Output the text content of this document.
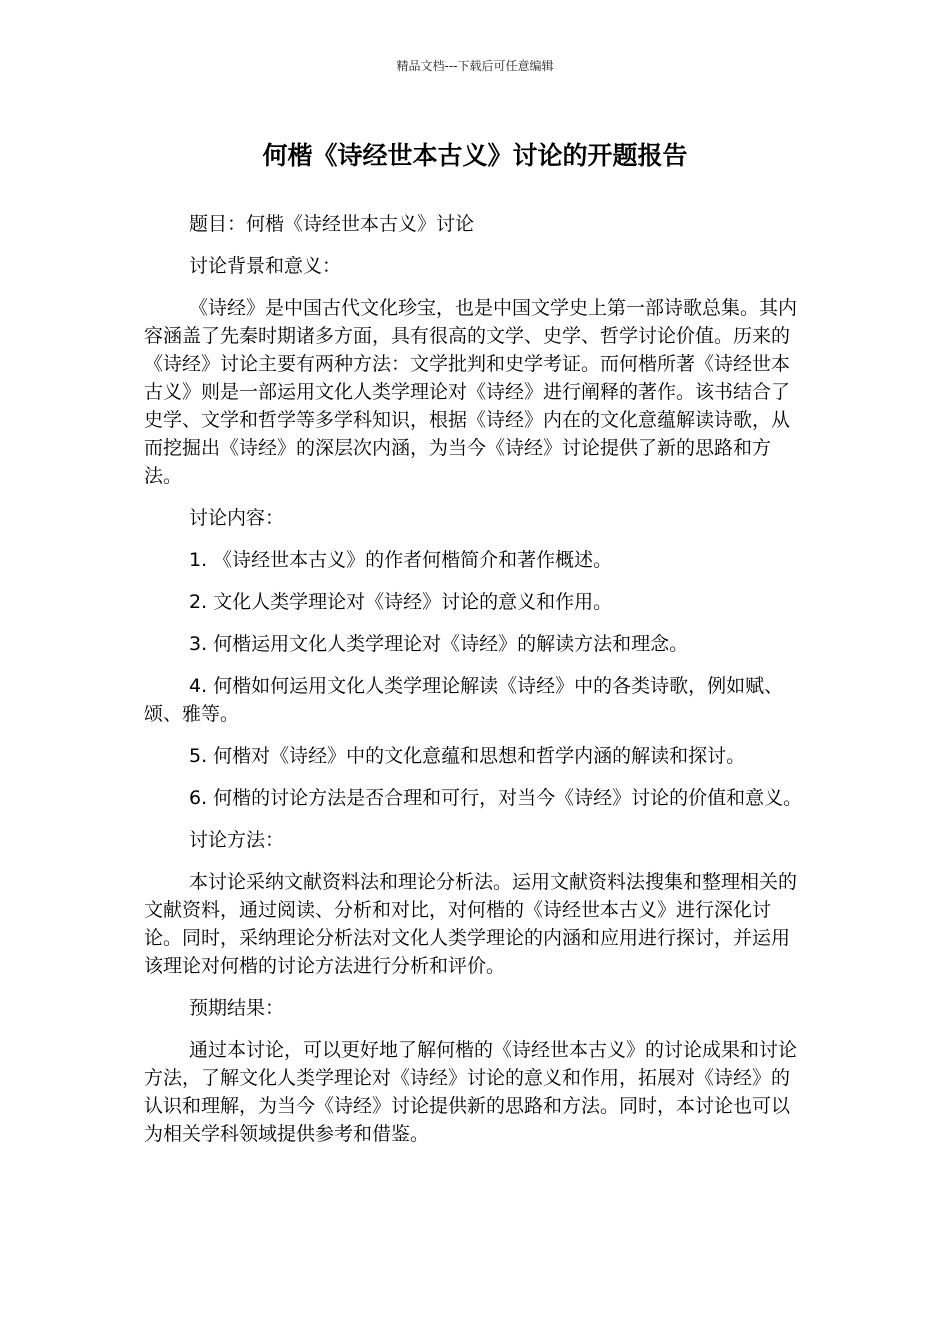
精品文档---下载后可任意编辑
何楷《诗经世本古义》讨论的开题报告

题目：何楷《诗经世本古义》讨论

讨论背景和意义：

《诗经》是中国古代文化珍宝，也是中国文学史上第一部诗歌总集。其内容涵盖了先秦时期诸多方面，具有很高的文学、史学、哲学讨论价值。历来的《诗经》讨论主要有两种方法：文学批判和史学考证。而何楷所著《诗经世本古义》则是一部运用文化人类学理论对《诗经》进行阐释的著作。该书结合了史学、文学和哲学等多学科知识，根据《诗经》内在的文化意蕴解读诗歌，从而挖掘出《诗经》的深层次内涵，为当今《诗经》讨论提供了新的思路和方法。

讨论内容：

1. 《诗经世本古义》的作者何楷简介和著作概述。

2. 文化人类学理论对《诗经》讨论的意义和作用。

3. 何楷运用文化人类学理论对《诗经》的解读方法和理念。

4. 何楷如何运用文化人类学理论解读《诗经》中的各类诗歌，例如赋、颂、雅等。

5. 何楷对《诗经》中的文化意蕴和思想和哲学内涵的解读和探讨。

6. 何楷的讨论方法是否合理和可行，对当今《诗经》讨论的价值和意义。

讨论方法：

本讨论采纳文献资料法和理论分析法。运用文献资料法搜集和整理相关的文献资料，通过阅读、分析和对比，对何楷的《诗经世本古义》进行深化讨论。同时，采纳理论分析法对文化人类学理论的内涵和应用进行探讨，并运用该理论对何楷的讨论方法进行分析和评价。

预期结果：

通过本讨论，可以更好地了解何楷的《诗经世本古义》的讨论成果和讨论方法，了解文化人类学理论对《诗经》讨论的意义和作用，拓展对《诗经》的认识和理解，为当今《诗经》讨论提供新的思路和方法。同时，本讨论也可以为相关学科领域提供参考和借鉴。
